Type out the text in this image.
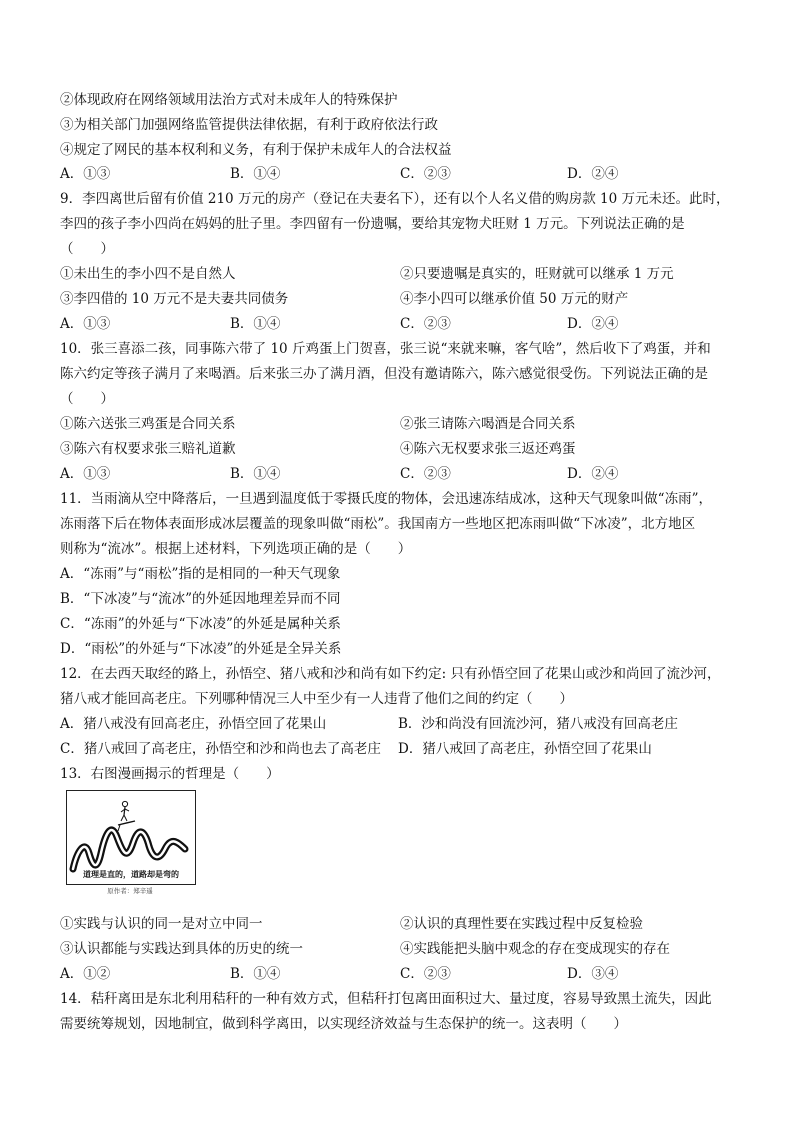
②体现政府在网络领域用法治方式对未成年人的特殊保护
③为相关部门加强网络监管提供法律依据，有利于政府依法行政
④规定了网民的基本权利和义务，有利于保护未成年人的合法权益
A．①③	B．①④	C．②③	D．②④
9．李四离世后留有价值 210 万元的房产（登记在夫妻名下），还有以个人名义借的购房款 10 万元未还。此时，
李四的孩子李小四尚在妈妈的肚子里。李四留有一份遗嘱，要给其宠物犬旺财 1 万元。下列说法正确的是
（　　）
①未出生的李小四不是自然人	②只要遗嘱是真实的，旺财就可以继承 1 万元
③李四借的 10 万元不是夫妻共同债务	④李小四可以继承价值 50 万元的财产
A．①③	B．①④	C．②③	D．②④
10．张三喜添二孩，同事陈六带了 10 斤鸡蛋上门贺喜，张三说“来就来嘛，客气啥”，然后收下了鸡蛋，并和
陈六约定等孩子满月了来喝酒。后来张三办了满月酒，但没有邀请陈六，陈六感觉很受伤。下列说法正确的是
（　　）
①陈六送张三鸡蛋是合同关系	②张三请陈六喝酒是合同关系
③陈六有权要求张三赔礼道歉	④陈六无权要求张三返还鸡蛋
A．①③	B．①④	C．②③	D．②④
11．当雨滴从空中降落后，一旦遇到温度低于零摄氏度的物体，会迅速冻结成冰，这种天气现象叫做“冻雨”，
冻雨落下后在物体表面形成冰层覆盖的现象叫做“雨松”。我国南方一些地区把冻雨叫做“下冰凌”，北方地区
则称为“流冰”。根据上述材料，下列选项正确的是（　　）
A．“冻雨”与“雨松”指的是相同的一种天气现象
B．“下冰凌”与“流冰”的外延因地理差异而不同
C．“冻雨”的外延与“下冰凌”的外延是属种关系
D．“雨松”的外延与“下冰凌”的外延是全异关系
12．在去西天取经的路上，孙悟空、猪八戒和沙和尚有如下约定: 只有孙悟空回了花果山或沙和尚回了流沙河，
猪八戒才能回高老庄。下列哪种情况三人中至少有一人违背了他们之间的约定（　　）
A．猪八戒没有回高老庄，孙悟空回了花果山	B．沙和尚没有回流沙河，猪八戒没有回高老庄
C．猪八戒回了高老庄，孙悟空和沙和尚也去了高老庄 D．猪八戒回了高老庄，孙悟空回了花果山
13．右图漫画揭示的哲理是（　　）
道理是直的，道路却是弯的
原作者：郑辛遥
①实践与认识的同一是对立中同一	②认识的真理性要在实践过程中反复检验
③认识都能与实践达到具体的历史的统一	④实践能把头脑中观念的存在变成现实的存在
A．①②	B．①④	C．②③	D．③④
14．秸秆离田是东北利用秸秆的一种有效方式，但秸秆打包离田面积过大、量过度，容易导致黑土流失，因此
需要统筹规划，因地制宜，做到科学离田，以实现经济效益与生态保护的统一。这表明（　　）
